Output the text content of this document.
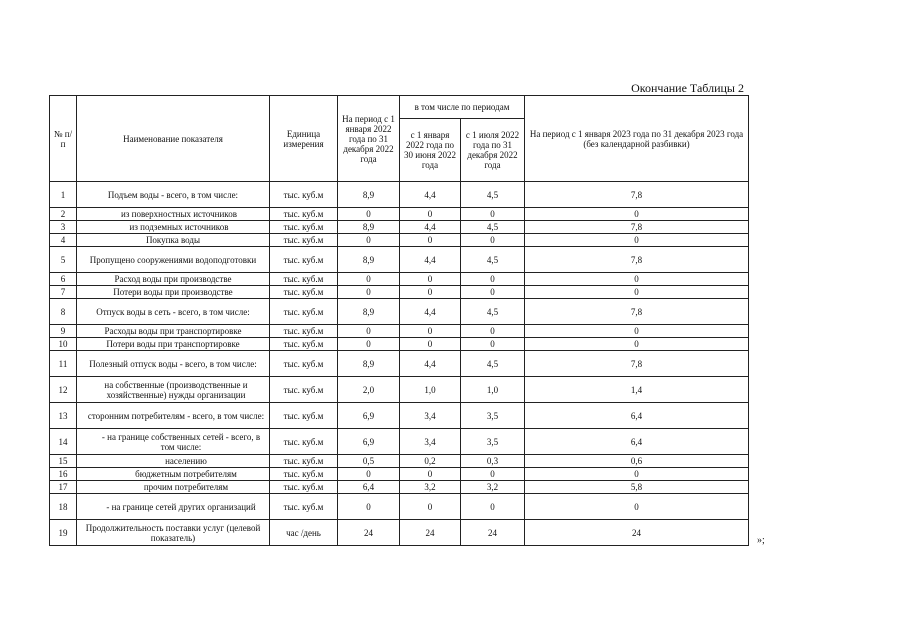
Окончание Таблицы 2
№ п/п	Наименование показателя	Единица измерения	На период с 1 января 2022 года по 31 декабря 2022 года	в том числе по периодам		На период с 1 января 2023 года по 31 декабря 2023 года (без календарной разбивки)
				с 1 января 2022 года по 30 июня 2022 года	с 1 июля 2022 года по 31 декабря 2022 года	
1	Подъем воды - всего, в том числе:	тыс. куб.м	8,9	4,4	4,5	7,8
2	из поверхностных источников	тыс. куб.м	0	0	0	0
3	из подземных источников	тыс. куб.м	8,9	4,4	4,5	7,8
4	Покупка воды	тыс. куб.м	0	0	0	0
5	Пропущено сооружениями водоподготовки	тыс. куб.м	8,9	4,4	4,5	7,8
6	Расход воды при производстве	тыс. куб.м	0	0	0	0
7	Потери воды при производстве	тыс. куб.м	0	0	0	0
8	Отпуск воды в сеть - всего, в том числе:	тыс. куб.м	8,9	4,4	4,5	7,8
9	Расходы воды при транспортировке	тыс. куб.м	0	0	0	0
10	Потери воды при транспортировке	тыс. куб.м	0	0	0	0
11	Полезный отпуск воды - всего, в том числе:	тыс. куб.м	8,9	4,4	4,5	7,8
12	на собственные (производственные и хозяйственные) нужды организации	тыс. куб.м	2,0	1,0	1,0	1,4
13	сторонним потребителям - всего, в том числе:	тыс. куб.м	6,9	3,4	3,5	6,4
14	- на границе собственных сетей - всего, в том числе:	тыс. куб.м	6,9	3,4	3,5	6,4
15	населению	тыс. куб.м	0,5	0,2	0,3	0,6
16	бюджетным потребителям	тыс. куб.м	0	0	0	0
17	прочим потребителям	тыс. куб.м	6,4	3,2	3,2	5,8
18	- на границе сетей других организаций	тыс. куб.м	0	0	0	0
19	Продолжительность поставки услуг (целевой показатель)	час /день	24	24	24	24
»;
